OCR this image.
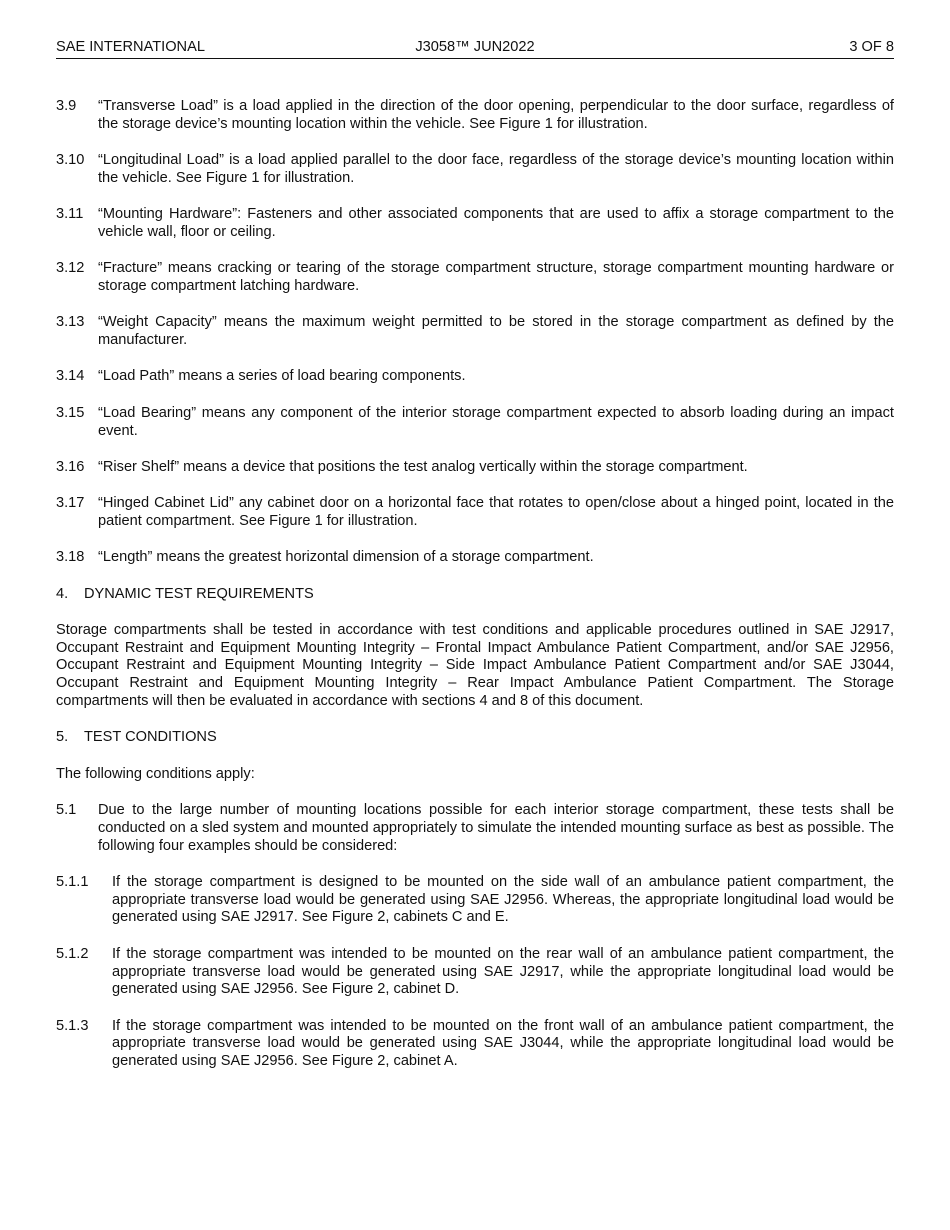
SAE INTERNATIONAL	J3058™ JUN2022	3 OF 8
3.9	“Transverse Load” is a load applied in the direction of the door opening, perpendicular to the door surface, regardless of the storage device’s mounting location within the vehicle. See Figure 1 for illustration.
3.10 “Longitudinal Load” is a load applied parallel to the door face, regardless of the storage device’s mounting location within the vehicle. See Figure 1 for illustration.
3.11	“Mounting Hardware”: Fasteners and other associated components that are used to affix a storage compartment to the vehicle wall, floor or ceiling.
3.12 “Fracture” means cracking or tearing of the storage compartment structure, storage compartment mounting hardware or storage compartment latching hardware.
3.13 “Weight Capacity” means the maximum weight permitted to be stored in the storage compartment as defined by the manufacturer.
3.14 “Load Path” means a series of load bearing components.
3.15 “Load Bearing” means any component of the interior storage compartment expected to absorb loading during an impact event.
3.16 “Riser Shelf” means a device that positions the test analog vertically within the storage compartment.
3.17 “Hinged Cabinet Lid” any cabinet door on a horizontal face that rotates to open/close about a hinged point, located in the patient compartment. See Figure 1 for illustration.
3.18 “Length” means the greatest horizontal dimension of a storage compartment.
4. DYNAMIC TEST REQUIREMENTS
Storage compartments shall be tested in accordance with test conditions and applicable procedures outlined in SAE J2917, Occupant Restraint and Equipment Mounting Integrity – Frontal Impact Ambulance Patient Compartment, and/or SAE J2956, Occupant Restraint and Equipment Mounting Integrity – Side Impact Ambulance Patient Compartment and/or SAE J3044, Occupant Restraint and Equipment Mounting Integrity – Rear Impact Ambulance Patient Compartment. The Storage compartments will then be evaluated in accordance with sections 4 and 8 of this document.
5. TEST CONDITIONS
The following conditions apply:
5.1	Due to the large number of mounting locations possible for each interior storage compartment, these tests shall be conducted on a sled system and mounted appropriately to simulate the intended mounting surface as best as possible. The following four examples should be considered:
5.1.1	If the storage compartment is designed to be mounted on the side wall of an ambulance patient compartment, the appropriate transverse load would be generated using SAE J2956. Whereas, the appropriate longitudinal load would be generated using SAE J2917. See Figure 2, cabinets C and E.
5.1.2	If the storage compartment was intended to be mounted on the rear wall of an ambulance patient compartment, the appropriate transverse load would be generated using SAE J2917, while the appropriate longitudinal load would be generated using SAE J2956. See Figure 2, cabinet D.
5.1.3	If the storage compartment was intended to be mounted on the front wall of an ambulance patient compartment, the appropriate transverse load would be generated using SAE J3044, while the appropriate longitudinal load would be generated using SAE J2956. See Figure 2, cabinet A.
